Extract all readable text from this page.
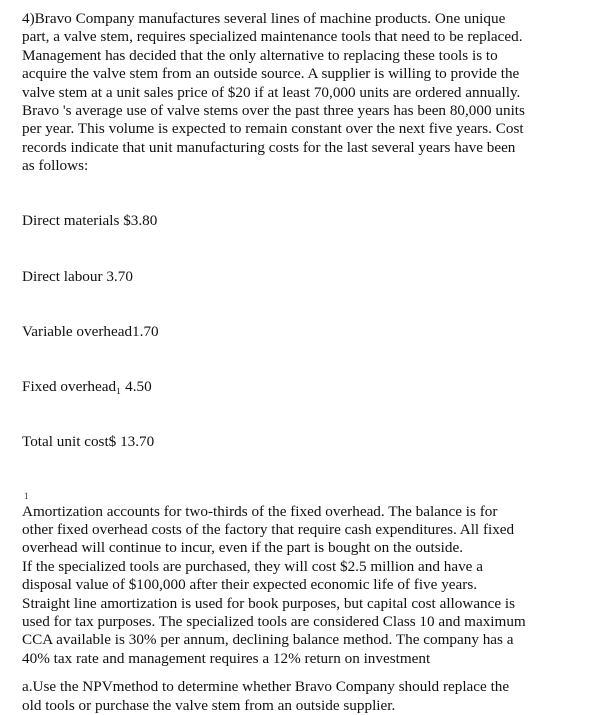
4)Bravo Company manufactures several lines of machine products. One unique
part, a valve stem, requires specialized maintenance tools that need to be replaced.
Management has decided that the only alternative to replacing these tools is to
acquire the valve stem from an outside source. A supplier is willing to provide the
valve stem at a unit sales price of $20 if at least 70,000 units are ordered annually.
Bravo 's average use of valve stems over the past three years has been 80,000 units
per year. This volume is expected to remain constant over the next five years. Cost
records indicate that unit manufacturing costs for the last several years have been
as follows:

Direct materials $3.80

Direct labour 3.70

Variable overhead1.70

Fixed overhead₁ 4.50

Total unit cost$ 13.70

1
Amortization accounts for two-thirds of the fixed overhead. The balance is for
other fixed overhead costs of the factory that require cash expenditures. All fixed
overhead will continue to incur, even if the part is bought on the outside.
If the specialized tools are purchased, they will cost $2.5 million and have a
disposal value of $100,000 after their expected economic life of five years.
Straight line amortization is used for book purposes, but capital cost allowance is
used for tax purposes. The specialized tools are considered Class 10 and maximum
CCA available is 30% per annum, declining balance method. The company has a
40% tax rate and management requires a 12% return on investment
a.Use the NPVmethod to determine whether Bravo Company should replace the
old tools or purchase the valve stem from an outside supplier.
